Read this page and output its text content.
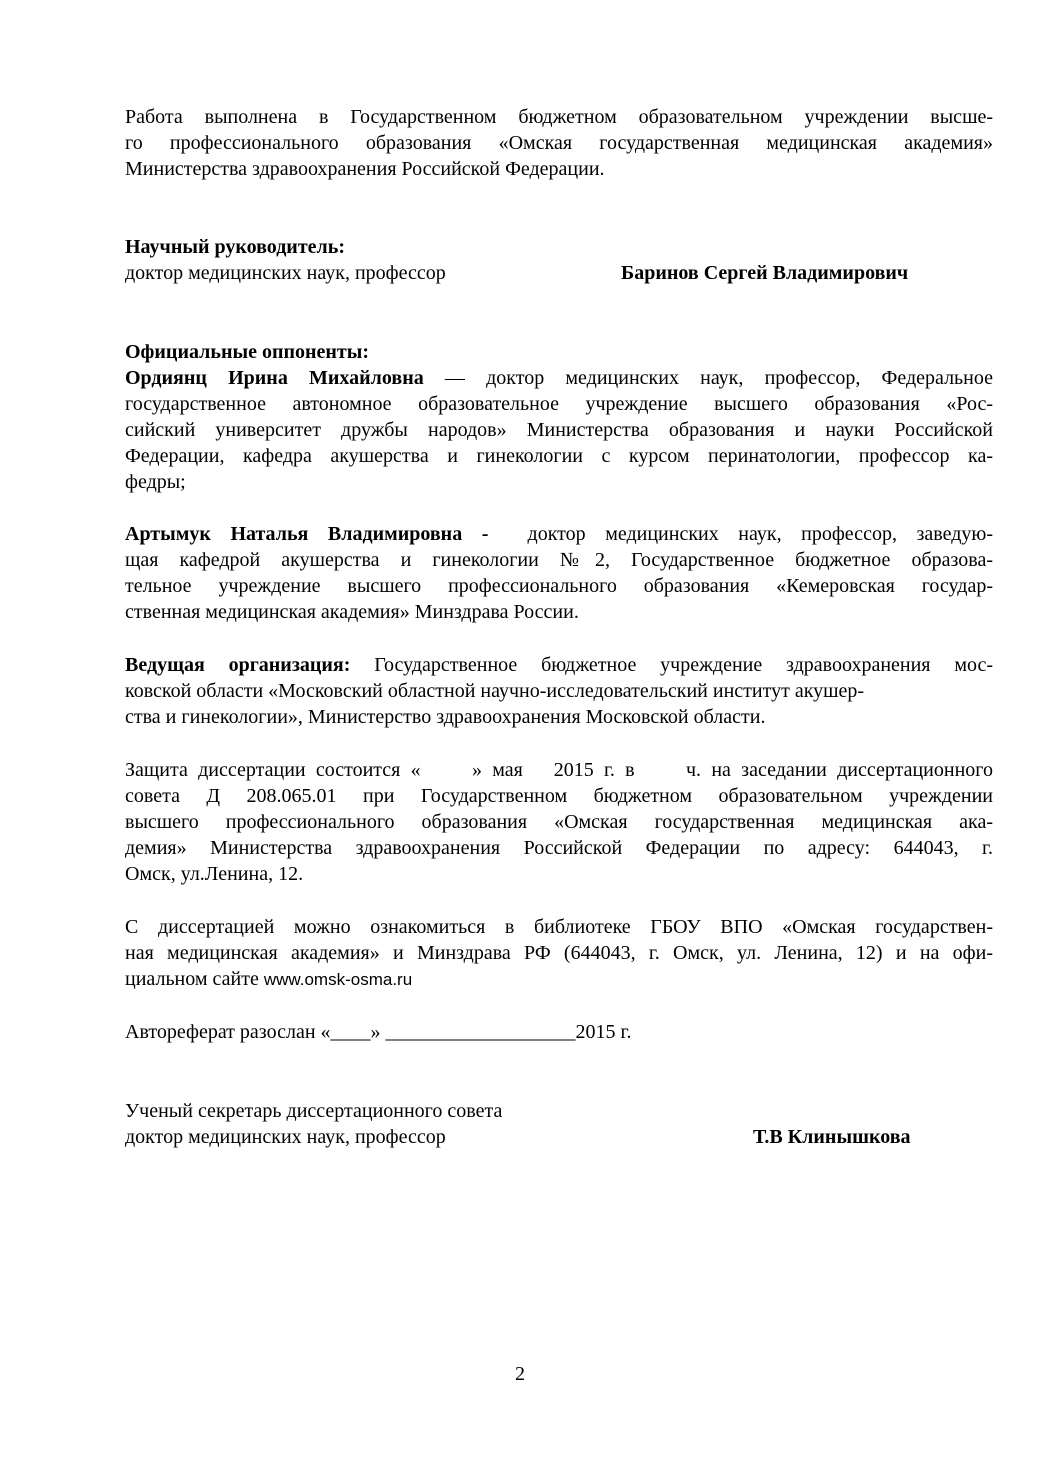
Работа выполнена в Государственном бюджетном образовательном учреждении высше-
го профессионального образования «Омская государственная медицинская академия»
Министерства здравоохранения Российской Федерации.
Научный руководитель:
доктор медицинских наук, профессор	Баринов Сергей Владимирович
Официальные оппоненты:
Ордиянц Ирина Михайловна — доктор медицинских наук, профессор, Федеральное
государственное автономное образовательное учреждение высшего образования «Рос-
сийский университет дружбы народов» Министерства образования и науки Российской
Федерации, кафедра акушерства и гинекологии с курсом перинатологии, профессор ка-
федры;
Артымук Наталья Владимировна -  доктор медицинских наук, профессор, заведую-
щая кафедрой акушерства и гинекологии №2, Государственное бюджетное образова-
тельное учреждение высшего профессионального образования «Кемеровская государ-
ственная медицинская академия» Минздрава России.
Ведущая организация: Государственное бюджетное учреждение здравоохранения мос-
ковской области «Московский областной научно-исследовательский институт акушер-
ства и гинекологии», Министерство здравоохранения Московской области.
Защита диссертации состоится «     » мая   2015 г. в     ч. на заседании диссертационного
совета Д 208.065.01 при Государственном бюджетном образовательном учреждении
высшего профессионального образования «Омская государственная медицинская ака-
демия» Министерства здравоохранения Российской Федерации по адресу: 644043, г.
Омск, ул.Ленина, 12.
С диссертацией можно ознакомиться в библиотеке ГБОУ ВПО «Омская государствен-
ная медицинская академия» и Минздрава РФ (644043, г. Омск, ул. Ленина, 12) и на офи-
циальном сайте www.omsk-osma.ru
Автореферат разослан «____» ___________________2015 г.
Ученый секретарь диссертационного совета
доктор медицинских наук, профессор	Т.В Клинышкова
2
